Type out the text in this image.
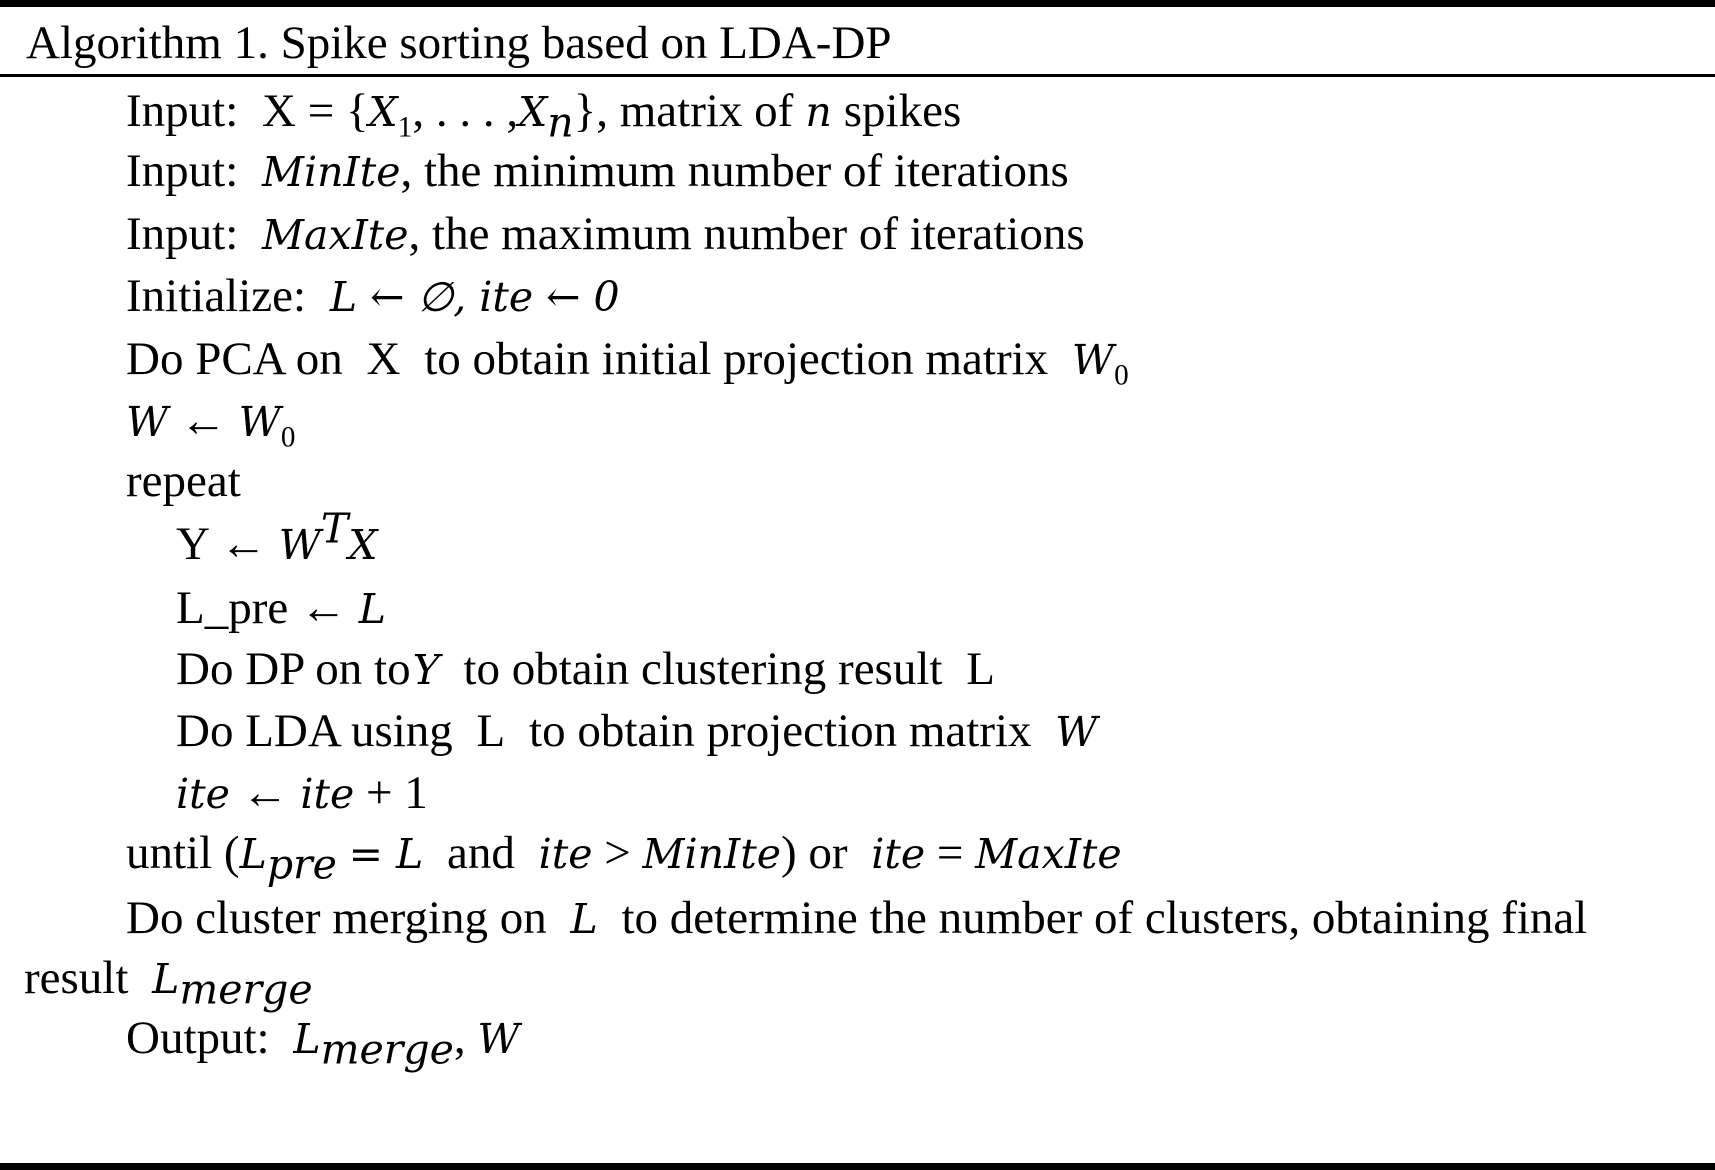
Algorithm 1. Spike sorting based on LDA-DP
Input: $X = \{X_1$, . . . $,X_n$}, matrix of n spikes
Input: MinIte, the minimum number of iterations
Input: MaxIte, the maximum number of iterations
Initialize: L ← ∅, ite ← 0
Do PCA on X to obtain initial projection matrix $W_0$
W ← $W_0$
repeat
Y ← $W^TX$
L_pre ← L
Do DP on toY to obtain clustering result L
Do LDA using L to obtain projection matrix W
ite ← ite + 1
until ($L_{pre} = L$ and ite > MinIte) or ite = MaxIte
Do cluster merging on L to determine the number of clusters, obtaining final
result $L_{merge}$
Output: $L_{merge}$, W
